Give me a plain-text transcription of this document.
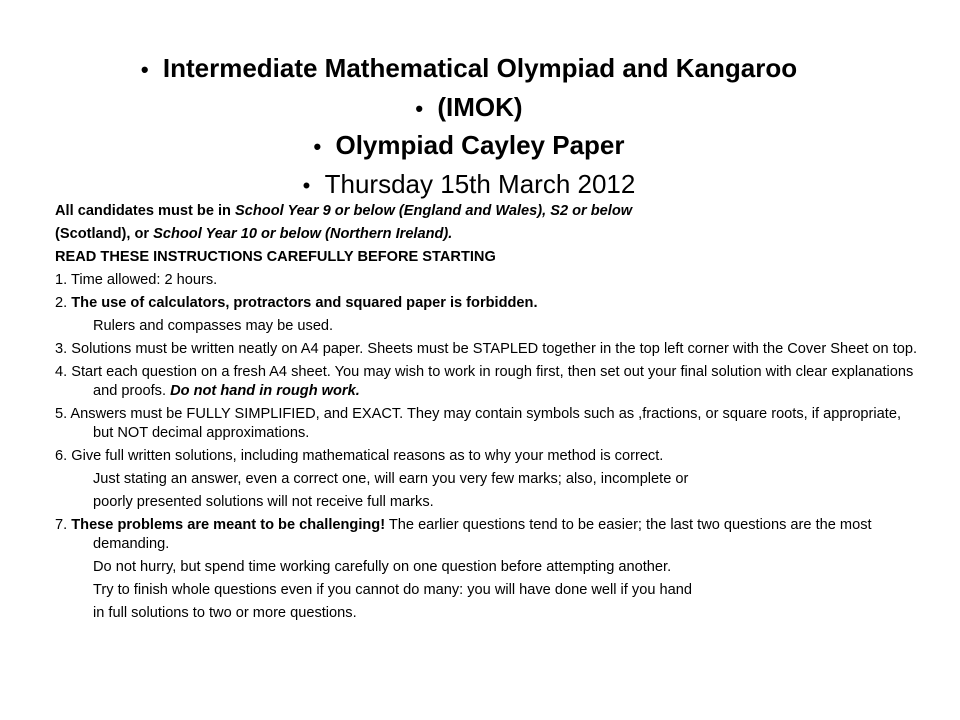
• Intermediate Mathematical Olympiad and Kangaroo
• (IMOK)
• Olympiad Cayley Paper
• Thursday 15th March 2012
All candidates must be in School Year 9 or below (England and Wales), S2 or below
(Scotland), or School Year 10 or below (Northern Ireland).
READ THESE INSTRUCTIONS CAREFULLY BEFORE STARTING
1. Time allowed: 2 hours.
2. The use of calculators, protractors and squared paper is forbidden.
Rulers and compasses may be used.
3. Solutions must be written neatly on A4 paper. Sheets must be STAPLED together in the top left corner with the Cover Sheet on top.
4. Start each question on a fresh A4 sheet. You may wish to work in rough first, then set out your final solution with clear explanations and proofs. Do not hand in rough work.
5. Answers must be FULLY SIMPLIFIED, and EXACT. They may contain symbols such as ,fractions, or square roots, if appropriate, but NOT decimal approximations.
6. Give full written solutions, including mathematical reasons as to why your method is correct.
Just stating an answer, even a correct one, will earn you very few marks; also, incomplete or
poorly presented solutions will not receive full marks.
7. These problems are meant to be challenging! The earlier questions tend to be easier; the last two questions are the most demanding.
Do not hurry, but spend time working carefully on one question before attempting another.
Try to finish whole questions even if you cannot do many: you will have done well if you hand
in full solutions to two or more questions.
